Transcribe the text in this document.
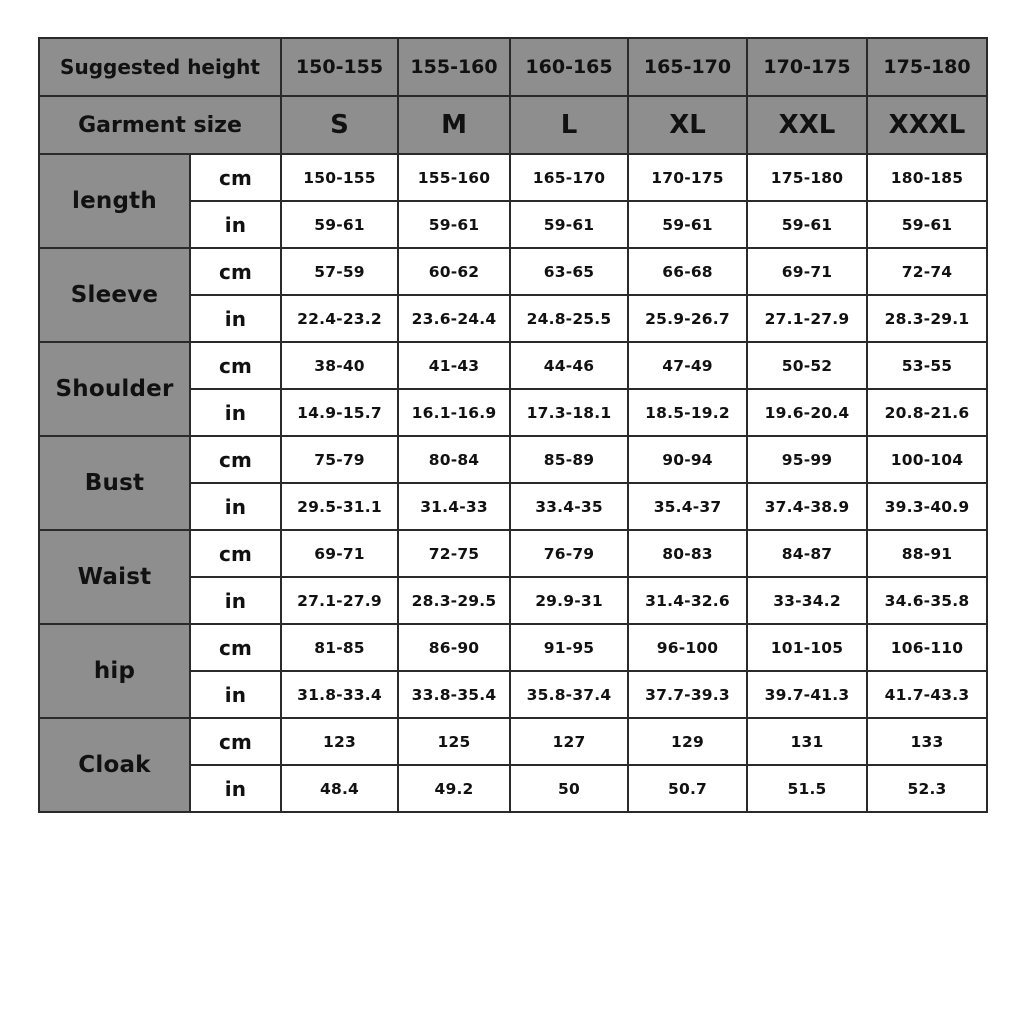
Suggested height		150-155	155-160	160-165	165-170	170-175	175-180
Garment size		S	M	L	XL	XXL	XXXL
length	cm	150-155	155-160	165-170	170-175	175-180	180-185
	in	59-61	59-61	59-61	59-61	59-61	59-61
Sleeve	cm	57-59	60-62	63-65	66-68	69-71	72-74
	in	22.4-23.2	23.6-24.4	24.8-25.5	25.9-26.7	27.1-27.9	28.3-29.1
Shoulder	cm	38-40	41-43	44-46	47-49	50-52	53-55
	in	14.9-15.7	16.1-16.9	17.3-18.1	18.5-19.2	19.6-20.4	20.8-21.6
Bust	cm	75-79	80-84	85-89	90-94	95-99	100-104
	in	29.5-31.1	31.4-33	33.4-35	35.4-37	37.4-38.9	39.3-40.9
Waist	cm	69-71	72-75	76-79	80-83	84-87	88-91
	in	27.1-27.9	28.3-29.5	29.9-31	31.4-32.6	33-34.2	34.6-35.8
hip	cm	81-85	86-90	91-95	96-100	101-105	106-110
	in	31.8-33.4	33.8-35.4	35.8-37.4	37.7-39.3	39.7-41.3	41.7-43.3
Cloak	cm	123	125	127	129	131	133
	in	48.4	49.2	50	50.7	51.5	52.3
